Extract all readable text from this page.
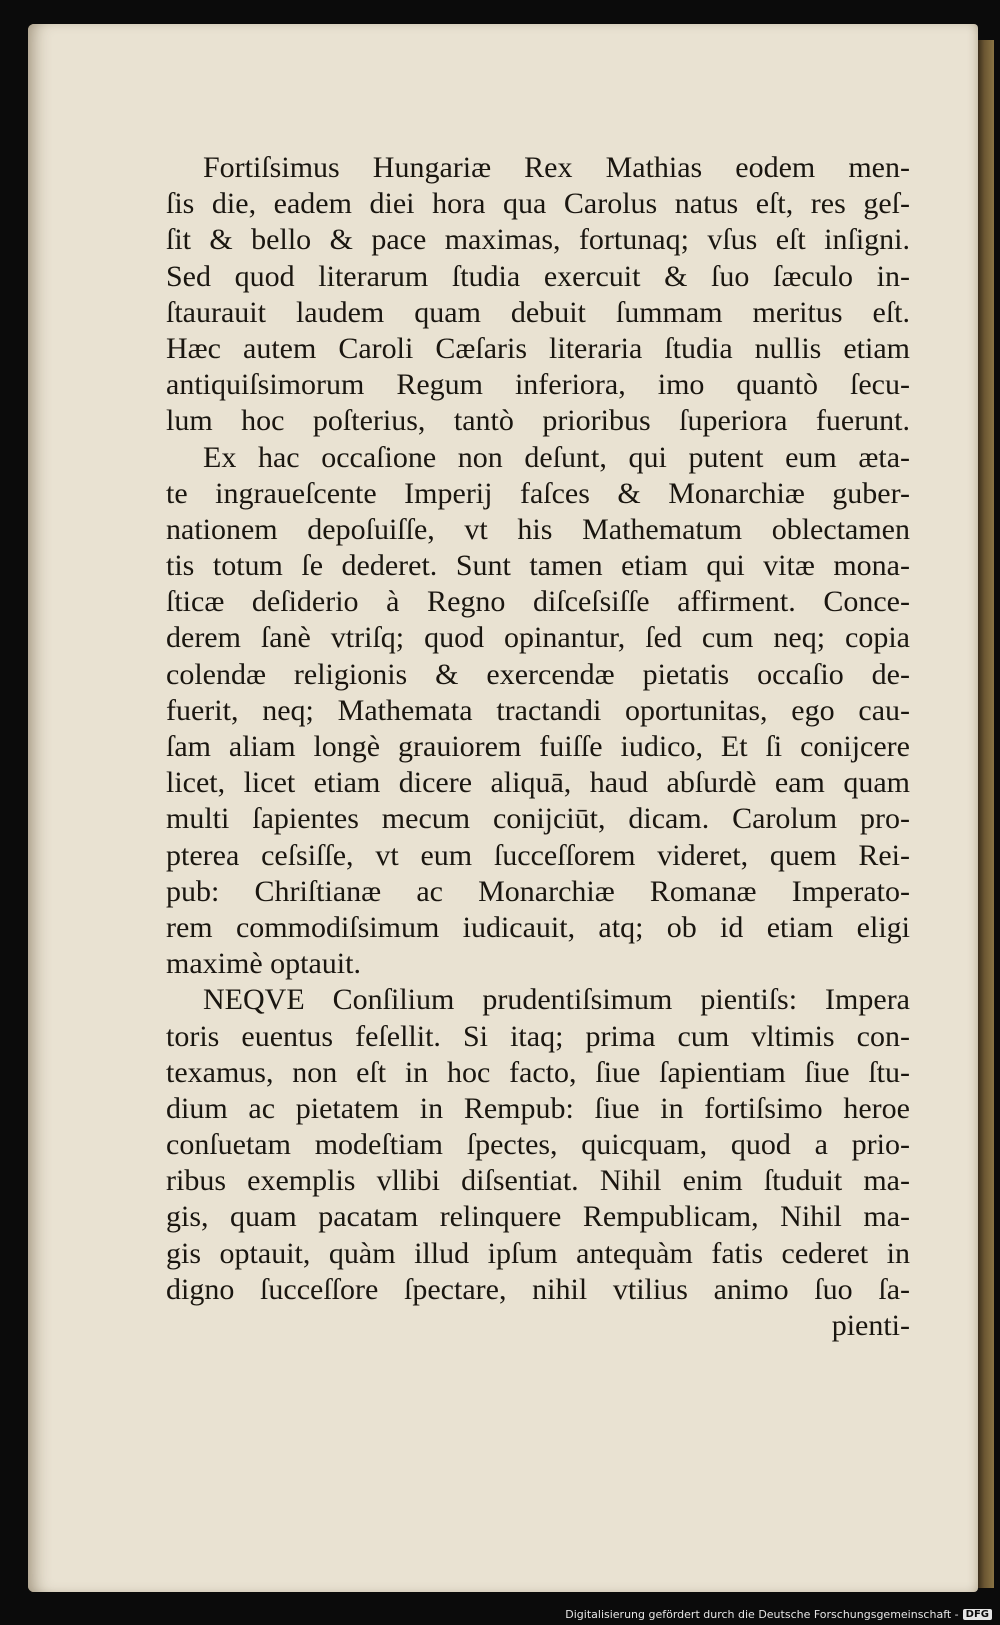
Fortiſsimus Hungariæ Rex Mathias eodem men-
ſis die, eadem diei hora qua Carolus natus eſt, res geſ-
ſit & bello & pace maximas, fortunaq; vſus eſt inſigni.
Sed quod literarum ſtudia exercuit & ſuo ſæculo in-
ſtaurauit laudem quam debuit ſummam meritus eſt.
Hæc autem Caroli Cæſaris literaria ſtudia nullis etiam
antiquiſsimorum Regum inferiora, imo quantò ſecu-
lum hoc poſterius, tantò prioribus ſuperiora fuerunt.
Ex hac occaſione non deſunt, qui putent eum æta-
te ingraueſcente Imperij faſces & Monarchiæ guber-
nationem depoſuiſſe, vt his Mathematum oblectamen
tis totum ſe dederet. Sunt tamen etiam qui vitæ mona-
ſticæ deſiderio à Regno diſceſsiſſe affirment. Conce-
derem ſanè vtriſq; quod opinantur, ſed cum neq; copia
colendæ religionis & exercendæ pietatis occaſio de-
fuerit, neq; Mathemata tractandi oportunitas, ego cau-
ſam aliam longè grauiorem fuiſſe iudico, Et ſi conijcere
licet, licet etiam dicere aliquā, haud abſurdè eam quam
multi ſapientes mecum conijciūt, dicam. Carolum pro-
pterea ceſsiſſe, vt eum ſucceſſorem videret, quem Rei-
pub: Chriſtianæ ac Monarchiæ Romanæ Imperato-
rem commodiſsimum iudicauit, atq; ob id etiam eligi
maximè optauit.
NEQVE Conſilium prudentiſsimum pientiſs: Impera
toris euentus feſellit. Si itaq; prima cum vltimis con-
texamus, non eſt in hoc facto, ſiue ſapientiam ſiue ſtu-
dium ac pietatem in Rempub: ſiue in fortiſsimo heroe
conſuetam modeſtiam ſpectes, quicquam, quod a prio-
ribus exemplis vllibi diſsentiat. Nihil enim ſtuduit ma-
gis, quam pacatam relinquere Rempublicam, Nihil ma-
gis optauit, quàm illud ipſum antequàm fatis cederet in
digno ſucceſſore ſpectare, nihil vtilius animo ſuo ſa-
pienti-
Digitalisierung gefördert durch die Deutsche Forschungsgemeinschaft - DFG
